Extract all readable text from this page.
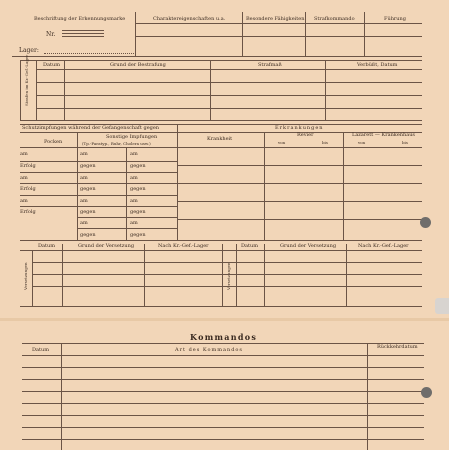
Beschriftung der Erkennungsmarke
Nr.
Charaktereigenschaften u.a.	Besondere Fähigkeiten Strafkommando	Führung
Lager:
Strafen im Kr.-Gef.-Lager	Datum	Grund der Bestrafung	Strafmaß	Verbüßt, Datum
Schutzimpfungen während der Gefangenschaft gegen	Erkrankungen
Pocken
Sonstige Impfungen
(Tp.-Paratyp., Ruhr, Cholera usw.)
Krankheit
Revier
von	bis
Lazarett — Krankenhaus
von	bis
am	am	am
Erfolg	gegen	gegen
am	am	am
Erfolg	gegen	gegen
am	am	am
Erfolg	gegen	gegen
am	am
gegen	gegen
Versetzungen
Datum	Grund der Versetzung	Nach Kr.-Gef.-Lager
Versetzungen
Datum	Grund der Versetzung	Nach Kr.-Gef.-Lager
Kommandos
Datum	Art des Kommandos	Rückkehrdatum
